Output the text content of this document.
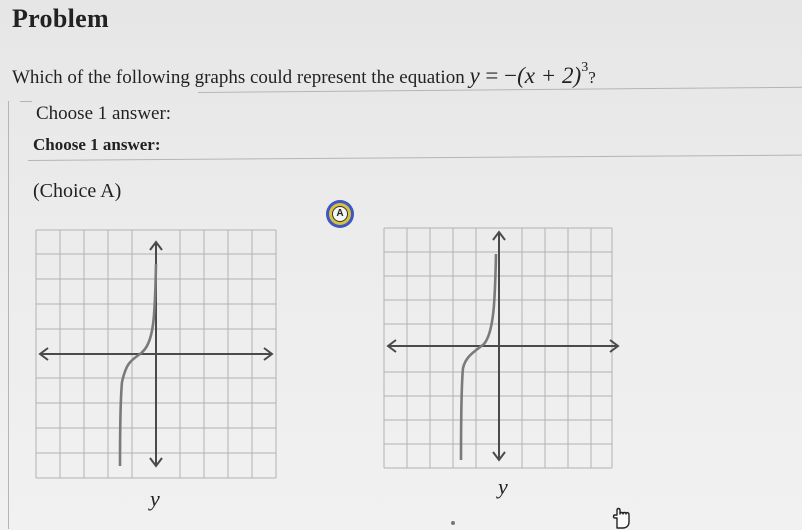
Problem
Which of the following graphs could represent the equation $y = -(x + 2)^3$?
Choose 1 answer:
Choose 1 answer:
(Choice A)
A
y	y
